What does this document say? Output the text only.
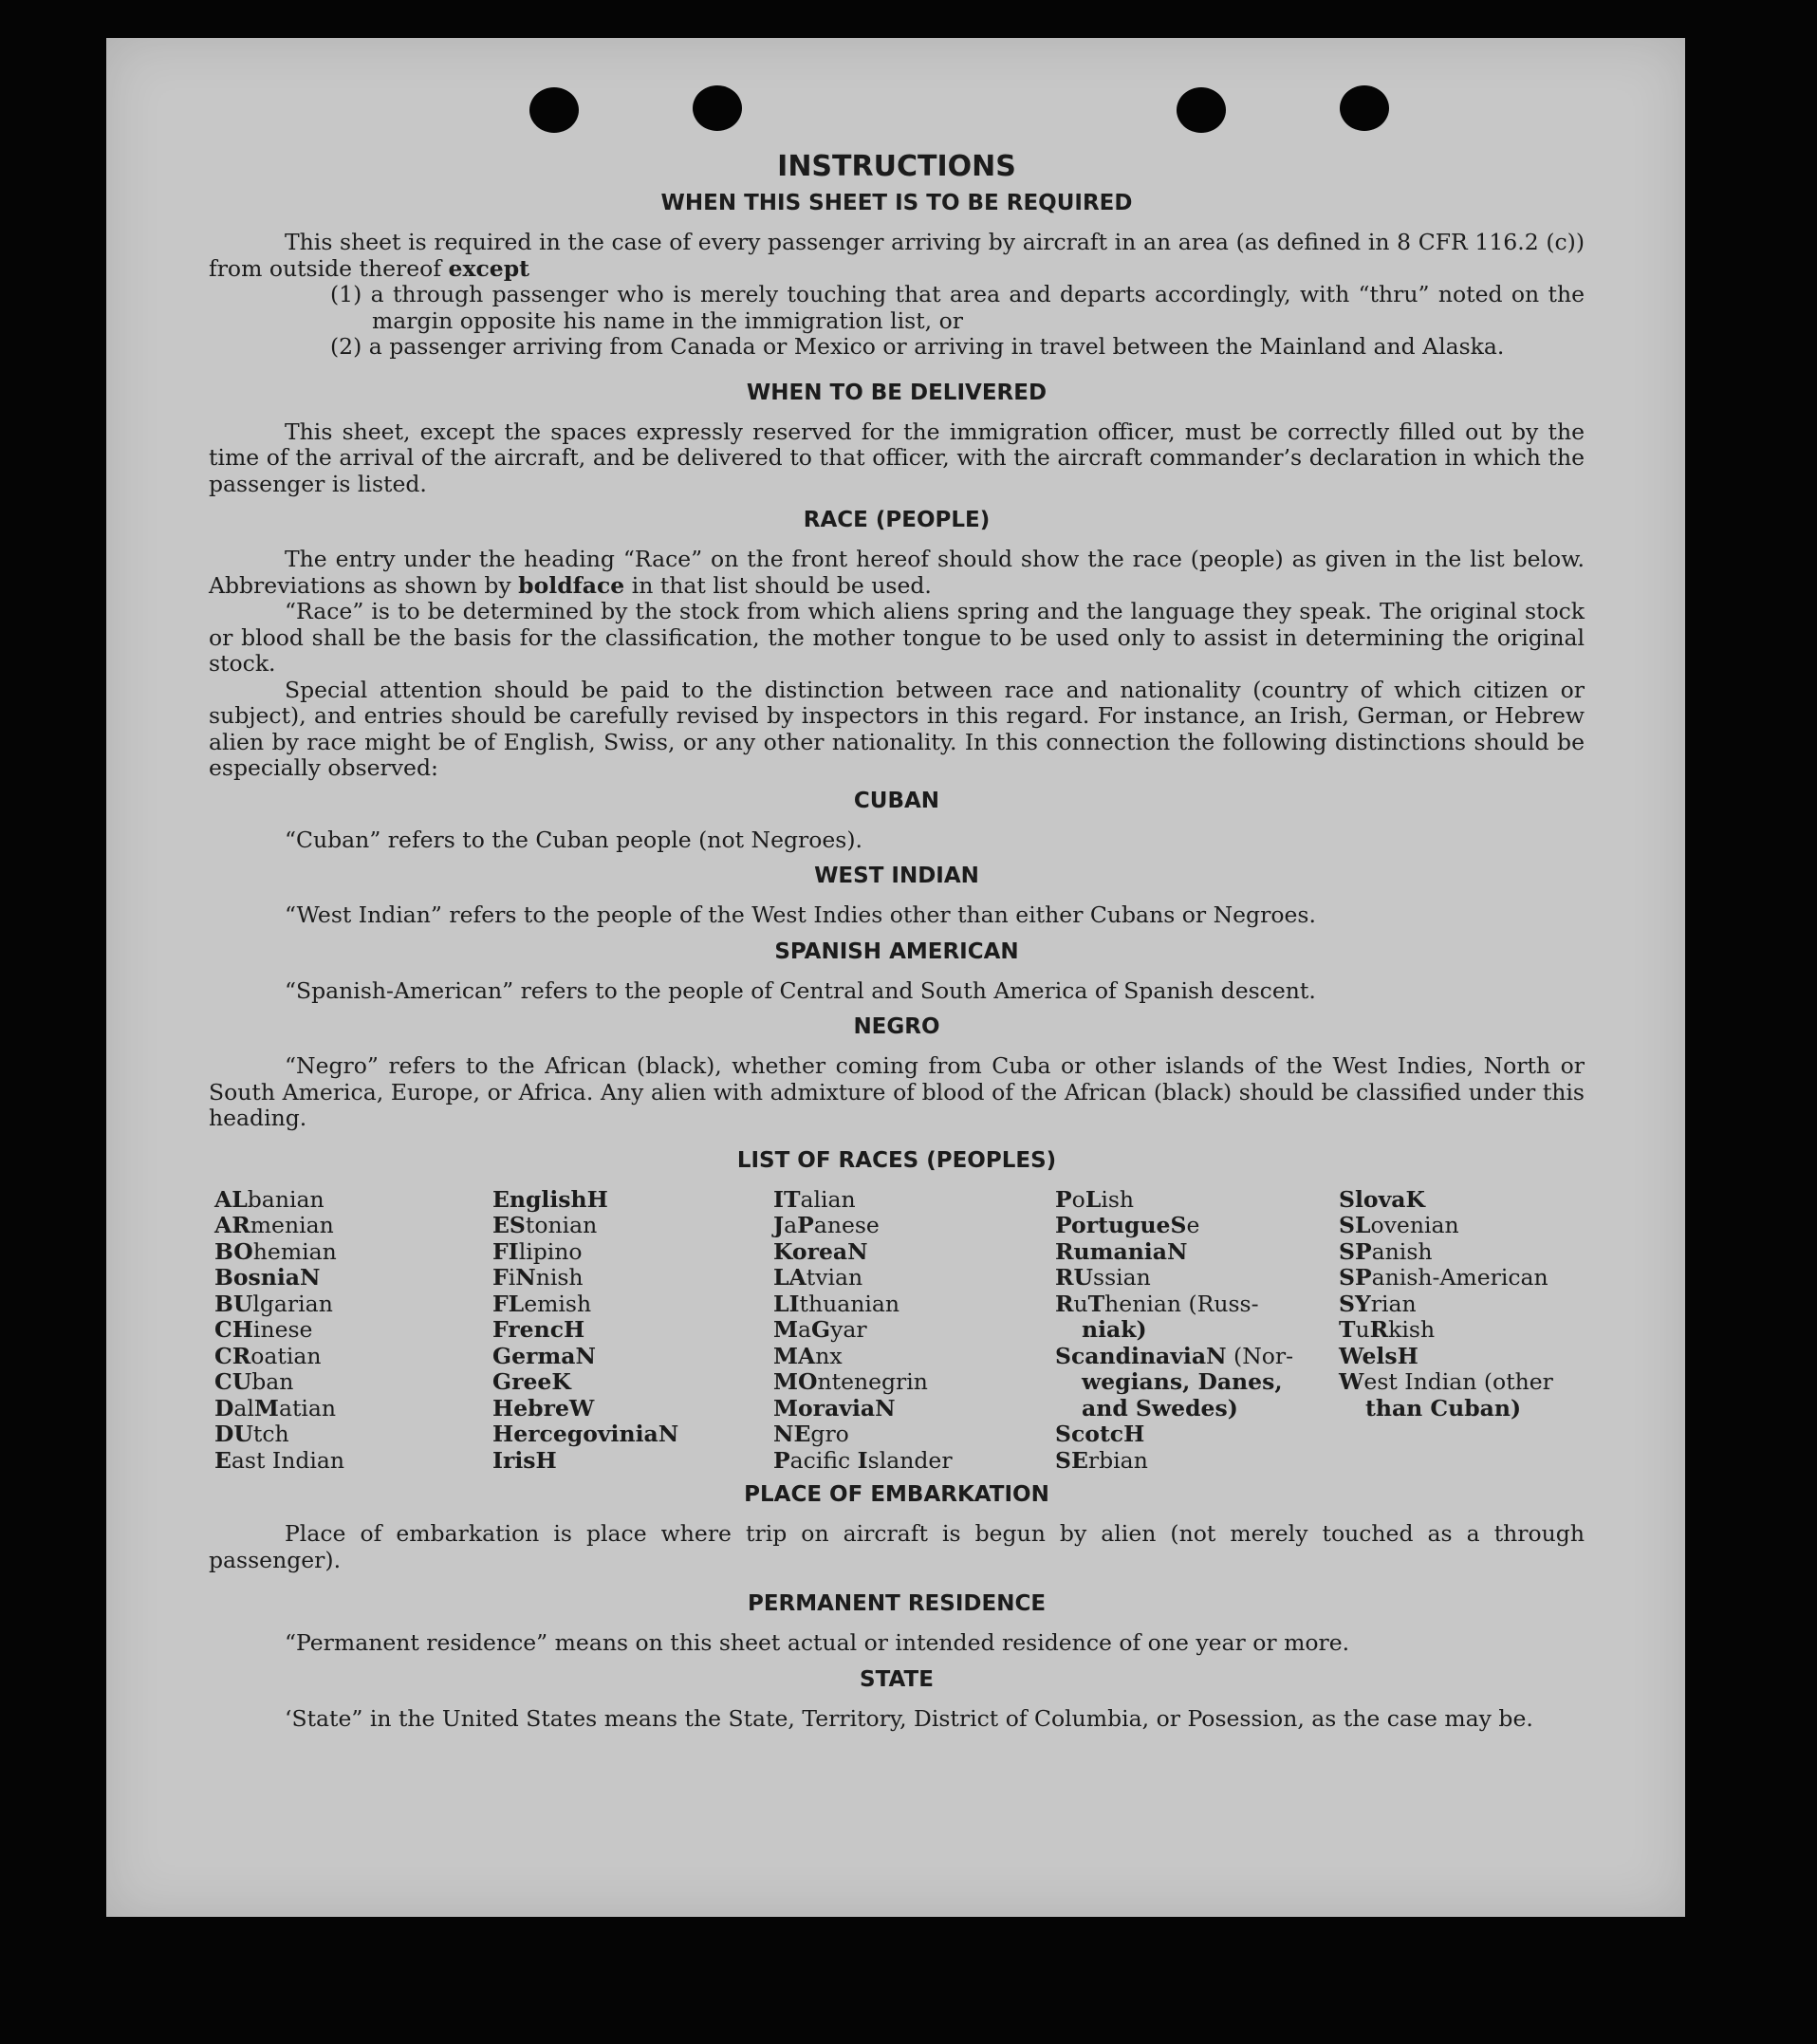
INSTRUCTIONS
WHEN THIS SHEET IS TO BE REQUIRED

This sheet is required in the case of every passenger arriving by aircraft in an area (as defined in 8 CFR 116.2 (c)) from outside thereof except

(1) a through passenger who is merely touching that area and departs accordingly, with “thru” noted on the margin opposite his name in the immigration list, or

(2) a passenger arriving from Canada or Mexico or arriving in travel between the Mainland and Alaska.

WHEN TO BE DELIVERED

This sheet, except the spaces expressly reserved for the immigration officer, must be correctly filled out by the time of the arrival of the aircraft, and be delivered to that officer, with the aircraft commander’s declaration in which the passenger is listed.

RACE (PEOPLE)

The entry under the heading “Race” on the front hereof should show the race (people) as given in the list below. Abbreviations as shown by boldface in that list should be used.

“Race” is to be determined by the stock from which aliens spring and the language they speak. The original stock or blood shall be the basis for the classification, the mother tongue to be used only to assist in determining the original stock.

Special attention should be paid to the distinction between race and nationality (country of which citizen or subject), and entries should be carefully revised by inspectors in this regard. For instance, an Irish, German, or Hebrew alien by race might be of English, Swiss, or any other nationality. In this connection the following distinctions should be especially observed:

CUBAN

“Cuban” refers to the Cuban people (not Negroes).

WEST INDIAN

“West Indian” refers to the people of the West Indies other than either Cubans or Negroes.

SPANISH AMERICAN

“Spanish-American” refers to the people of Central and South America of Spanish descent.

NEGRO

“Negro” refers to the African (black), whether coming from Cuba or other islands of the West Indies, North or South America, Europe, or Africa. Any alien with admixture of blood of the African (black) should be classified under this heading.

LIST OF RACES (PEOPLES)
ALbanian
ARmenian
BOhemian
BosniaN
BUlgarian
CHinese
CRoatian
CUban
DalMatian
DUtch
East Indian
EnglishH
EStonian
FIlipino
FiNnish
FLemish
FrencH
GermaN
GreeK
HebreW
HercegoviniaN
IrisH
ITalian
JaPanese
KoreaN
LAtvian
LIthuanian
MaGyar
MAnx
MOntenegrin
MoraviaN
NEgro
Pacific Islander
PoLish
PortugueSe
RumaniaN
RUssian
RuThenian (Russ-
niak)
ScandinaviaN (Nor-
wegians, Danes,
and Swedes)
ScotcH
SErbian
SlovaK
SLovenian
SPanish
SPanish-American
SYrian
TuRkish
WelsH
West Indian (other
than Cuban)
PLACE OF EMBARKATION

Place of embarkation is place where trip on aircraft is begun by alien (not merely touched as a through passenger).

PERMANENT RESIDENCE

“Permanent residence” means on this sheet actual or intended residence of one year or more.

STATE

‘State” in the United States means the State, Territory, District of Columbia, or Posession, as the case may be.
